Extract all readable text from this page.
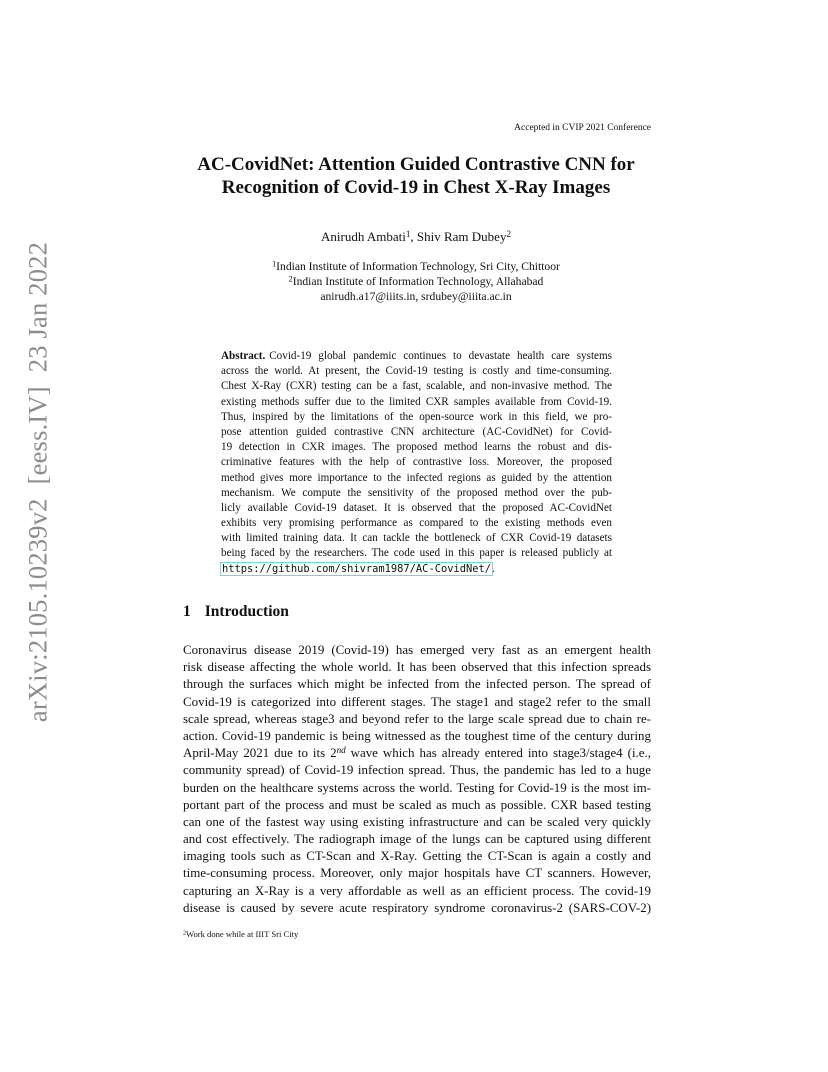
arXiv:2105.10239v2[eess.IV]23 Jan 2022
Accepted in CVIP 2021 Conference
AC-CovidNet: Attention Guided Contrastive CNN for
Recognition of Covid-19 in Chest X-Ray Images
Anirudh Ambati$^1$, Shiv Ram Dubey$^2$
$^1$Indian Institute of Information Technology, Sri City, Chittoor
$^2$Indian Institute of Information Technology, Allahabad
anirudh.a17@iiits.in, srdubey@iiita.ac.in
Abstract. Covid-19 global pandemic continues to devastate health care systems
across the world. At present, the Covid-19 testing is costly and time-consuming.
Chest X-Ray (CXR) testing can be a fast, scalable, and non-invasive method. The
existing methods suffer due to the limited CXR samples available from Covid-19.
Thus, inspired by the limitations of the open-source work in this field, we pro-
pose attention guided contrastive CNN architecture (AC-CovidNet) for Covid-
19 detection in CXR images. The proposed method learns the robust and dis-
criminative features with the help of contrastive loss. Moreover, the proposed
method gives more importance to the infected regions as guided by the attention
mechanism. We compute the sensitivity of the proposed method over the pub-
licly available Covid-19 dataset. It is observed that the proposed AC-CovidNet
exhibits very promising performance as compared to the existing methods even
with limited training data. It can tackle the bottleneck of CXR Covid-19 datasets
being faced by the researchers. The code used in this paper is released publicly at
https://github.com/shivram1987/AC-CovidNet/.
1 Introduction
Coronavirus disease 2019 (Covid-19) has emerged very fast as an emergent health
risk disease affecting the whole world. It has been observed that this infection spreads
through the surfaces which might be infected from the infected person. The spread of
Covid-19 is categorized into different stages. The stage1 and stage2 refer to the small
scale spread, whereas stage3 and beyond refer to the large scale spread due to chain re-
action. Covid-19 pandemic is being witnessed as the toughest time of the century during
April-May 2021 due to its 2nd wave which has already entered into stage3/stage4 (i.e.,
community spread) of Covid-19 infection spread. Thus, the pandemic has led to a huge
burden on the healthcare systems across the world. Testing for Covid-19 is the most im-
portant part of the process and must be scaled as much as possible. CXR based testing
can one of the fastest way using existing infrastructure and can be scaled very quickly
and cost effectively. The radiograph image of the lungs can be captured using different
imaging tools such as CT-Scan and X-Ray. Getting the CT-Scan is again a costly and
time-consuming process. Moreover, only major hospitals have CT scanners. However,
capturing an X-Ray is a very affordable as well as an efficient process. The covid-19
disease is caused by severe acute respiratory syndrome coronavirus-2 (SARS-COV-2)
$^2$Work done while at IIIT Sri City
